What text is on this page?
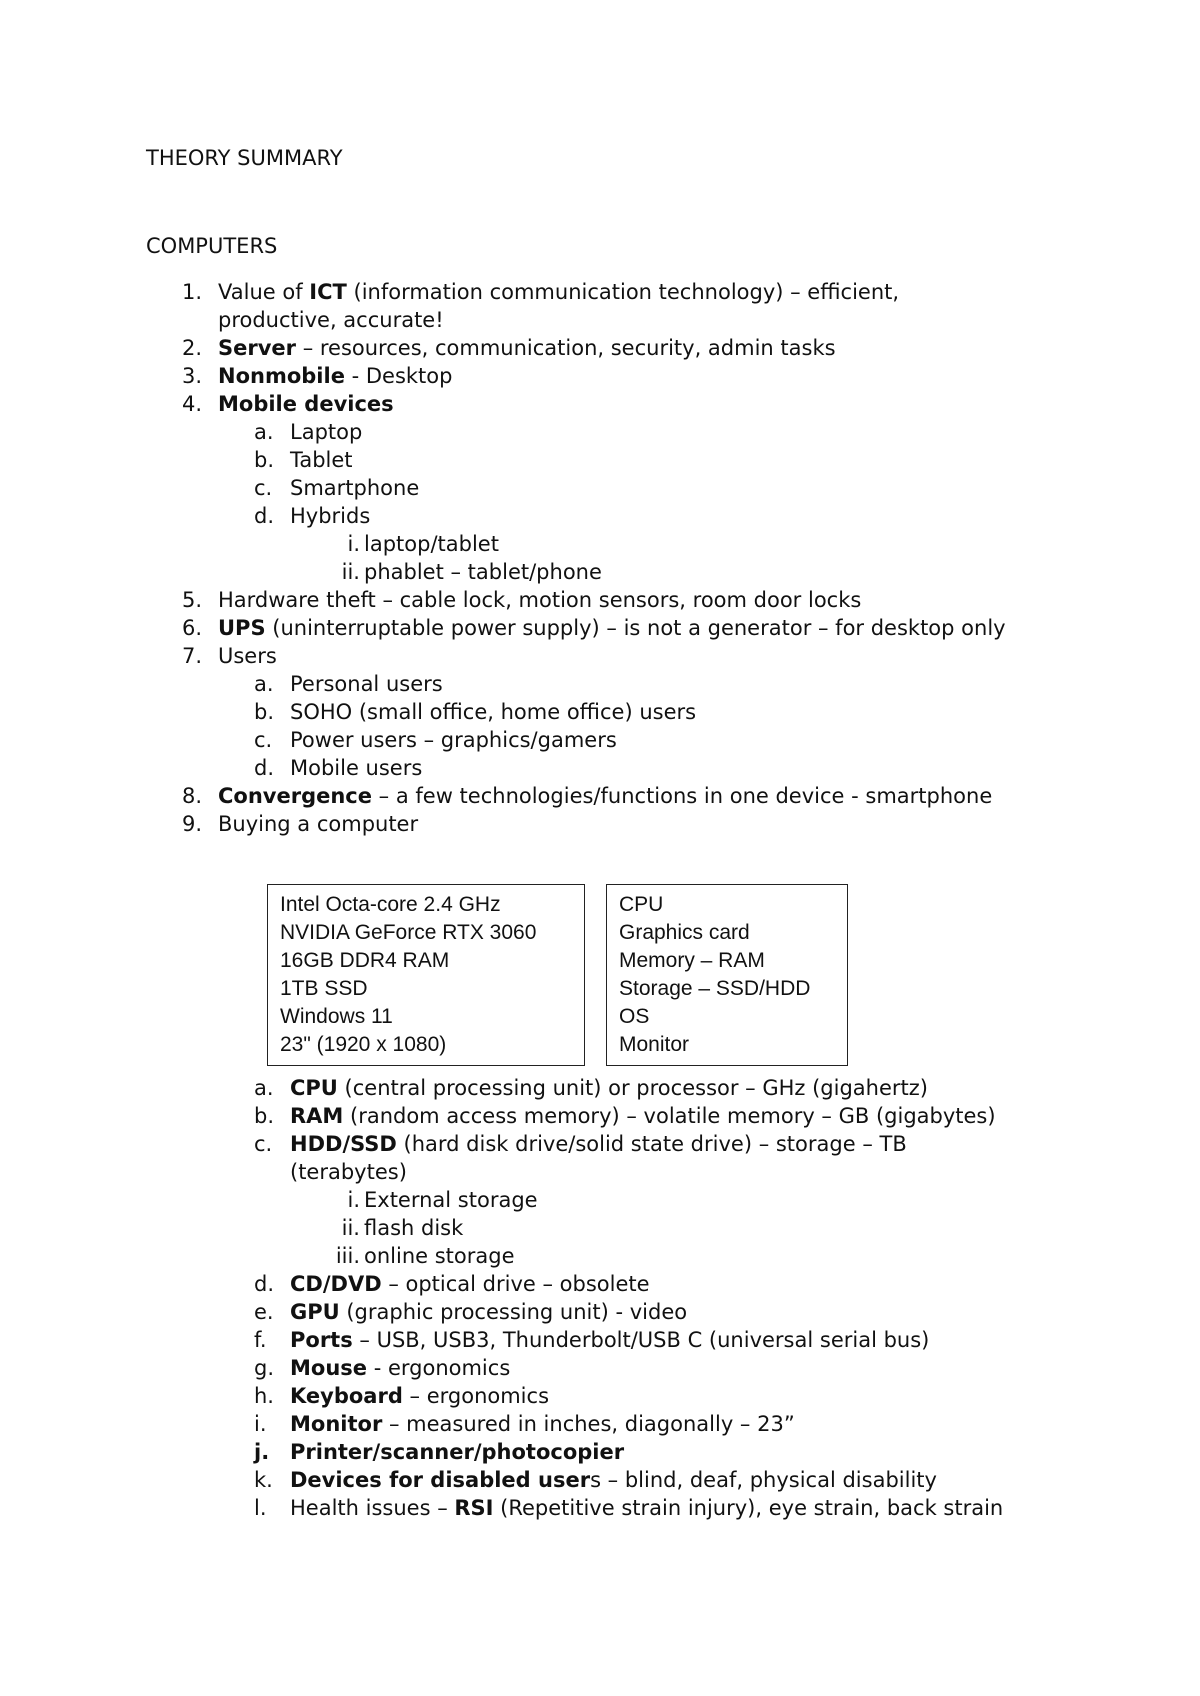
THEORY SUMMARY
COMPUTERS
1. Value of ICT (information communication technology) – efficient,
productive, accurate!
2. Server – resources, communication, security, admin tasks
3. Nonmobile - Desktop
4. Mobile devices
a. Laptop
b. Tablet
c. Smartphone
d. Hybrids
i. laptop/tablet
ii. phablet – tablet/phone
5. Hardware theft – cable lock, motion sensors, room door locks
6. UPS (uninterruptable power supply) – is not a generator – for desktop only
7. Users
a. Personal users
b. SOHO (small office, home office) users
c. Power users – graphics/gamers
d. Mobile users
8. Convergence – a few technologies/functions in one device - smartphone
9. Buying a computer
Intel Octa-core 2.4 GHz
NVIDIA GeForce RTX 3060
16GB DDR4 RAM
1TB SSD
Windows 11
23" (1920 x 1080)
CPU
Graphics card
Memory – RAM
Storage – SSD/HDD
OS
Monitor
a. CPU (central processing unit) or processor – GHz (gigahertz)
b. RAM (random access memory) – volatile memory – GB (gigabytes)
c. HDD/SSD (hard disk drive/solid state drive) – storage – TB
(terabytes)
i. External storage
ii. flash disk
iii. online storage
d. CD/DVD – optical drive – obsolete
e. GPU (graphic processing unit) - video
f. Ports – USB, USB3, Thunderbolt/USB C (universal serial bus)
g. Mouse - ergonomics
h. Keyboard – ergonomics
i. Monitor – measured in inches, diagonally – 23”
j. Printer/scanner/photocopier
k. Devices for disabled users – blind, deaf, physical disability
l. Health issues – RSI (Repetitive strain injury), eye strain, back strain
